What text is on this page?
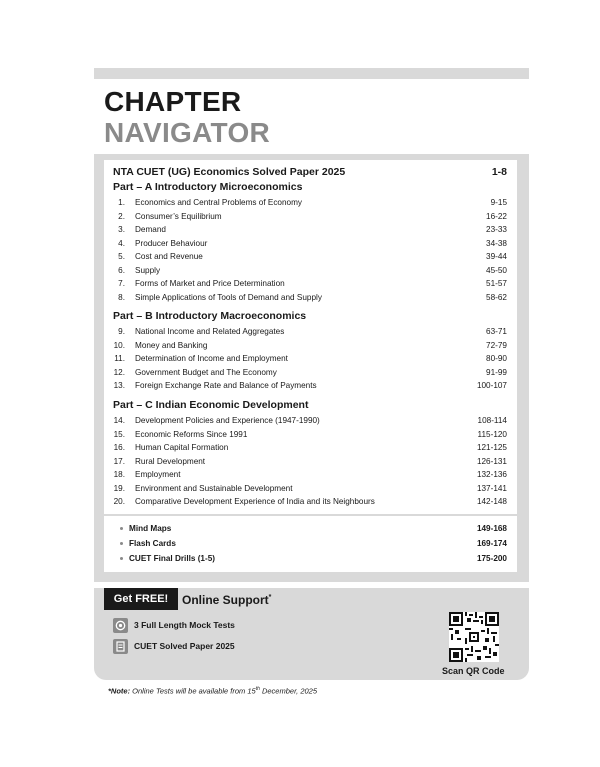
CHAPTER
NAVIGATOR
NTA CUET (UG) Economics Solved Paper 2025	1-8
Part – A Introductory Microeconomics
1. Economics and Central Problems of Economy	9-15
2. Consumer’s Equilibrium	16-22
3. Demand	23-33
4. Producer Behaviour	34-38
5. Cost and Revenue	39-44
6. Supply	45-50
7. Forms of Market and Price Determination	51-57
8. Simple Applications of Tools of Demand and Supply	58-62
Part – B Introductory Macroeconomics
9. National Income and Related Aggregates	63-71
10. Money and Banking	72-79
11. Determination of Income and Employment	80-90
12. Government Budget and The Economy	91-99
13. Foreign Exchange Rate and Balance of Payments	100-107
Part – C Indian Economic Development
14. Development Policies and Experience (1947-1990)	108-114
15. Economic Reforms Since 1991	115-120
16. Human Capital Formation	121-125
17. Rural Development	126-131
18. Employment	132-136
19. Environment and Sustainable Development	137-141
20. Comparative Development Experience of India and its Neighbours	142-148
Mind Maps	149-168
Flash Cards	169-174
CUET Final Drills (1-5)	175-200
Get FREE!	Online Support*
3 Full Length Mock Tests
CUET Solved Paper 2025
Scan QR Code
*Note: Online Tests will be available from 15th December, 2025
